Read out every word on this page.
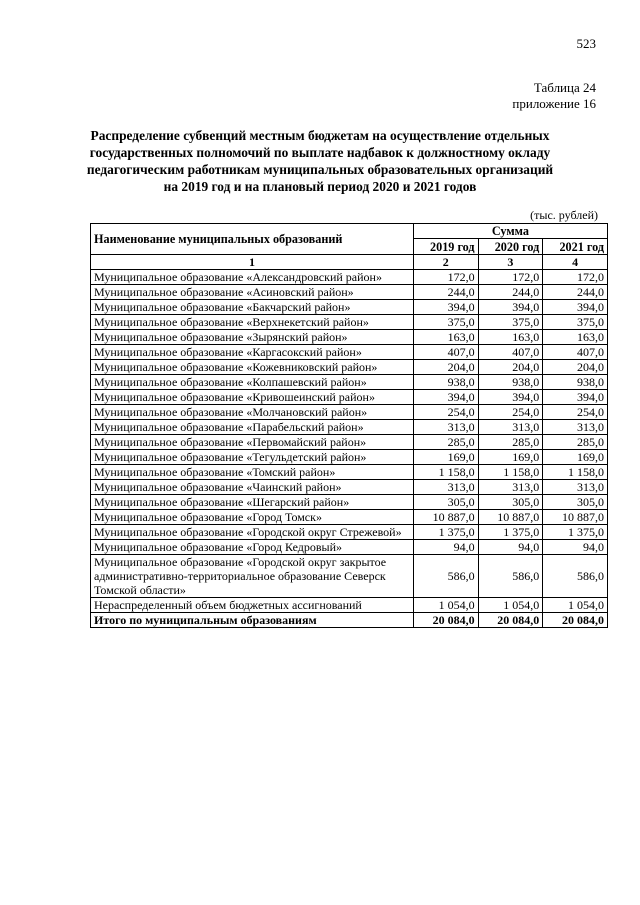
523
Таблица 24
приложение 16
Распределение субвенций местным бюджетам на осуществление отдельных
государственных полномочий по выплате надбавок к должностному окладу
педагогическим работникам муниципальных образовательных организаций
на 2019 год и на плановый период 2020 и 2021 годов
(тыс. рублей)
Наименование муниципальных образований	Сумма		
	2019 год	2020 год	2021 год
1	2	3	4
Муниципальное образование «Александровский район»	172,0	172,0	172,0
Муниципальное образование «Асиновский район»	244,0	244,0	244,0
Муниципальное образование «Бакчарский район»	394,0	394,0	394,0
Муниципальное образование «Верхнекетский район»	375,0	375,0	375,0
Муниципальное образование «Зырянский район»	163,0	163,0	163,0
Муниципальное образование «Каргасокский район»	407,0	407,0	407,0
Муниципальное образование «Кожевниковский район»	204,0	204,0	204,0
Муниципальное образование «Колпашевский район»	938,0	938,0	938,0
Муниципальное образование «Кривошеинский район»	394,0	394,0	394,0
Муниципальное образование «Молчановский район»	254,0	254,0	254,0
Муниципальное образование «Парабельский район»	313,0	313,0	313,0
Муниципальное образование «Первомайский район»	285,0	285,0	285,0
Муниципальное образование «Тегульдетский район»	169,0	169,0	169,0
Муниципальное образование «Томский район»	1 158,0	1 158,0	1 158,0
Муниципальное образование «Чаинский район»	313,0	313,0	313,0
Муниципальное образование «Шегарский район»	305,0	305,0	305,0
Муниципальное образование «Город Томск»	10 887,0	10 887,0	10 887,0
Муниципальное образование «Городской округ Стрежевой»	1 375,0	1 375,0	1 375,0
Муниципальное образование «Город Кедровый»	94,0	94,0	94,0
Муниципальное образование «Городской округ закрытое административно-территориальное образование Северск Томской области»	586,0	586,0	586,0
Нераспределенный объем бюджетных ассигнований	1 054,0	1 054,0	1 054,0
Итого по муниципальным образованиям	20 084,0	20 084,0	20 084,0
